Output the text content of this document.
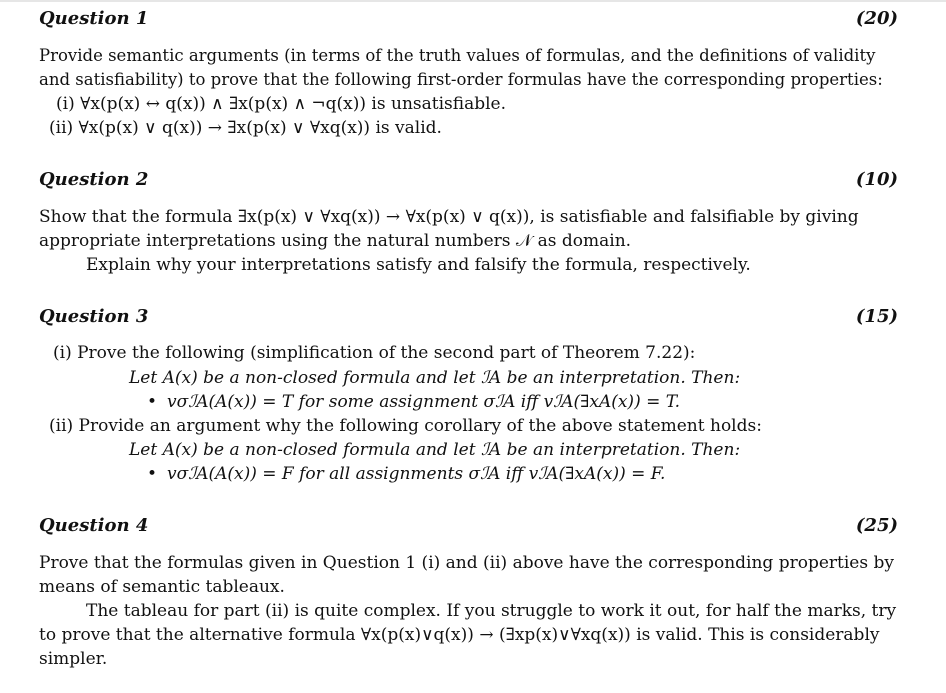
Question 1	(20)
Provide semantic arguments (in terms of the truth values of formulas, and the definitions of validity
and satisfiability) to prove that the following first-order formulas have the corresponding properties:
(i) ∀x(p(x) ↔ q(x)) ∧ ∃x(p(x) ∧ ¬q(x)) is unsatisfiable.
(ii) ∀x(p(x) ∨ q(x)) → ∃x(p(x) ∨ ∀xq(x)) is valid.
Question 2	(10)
Show that the formula ∃x(p(x) ∨ ∀xq(x)) → ∀x(p(x) ∨ q(x)), is satisfiable and falsifiable by giving
appropriate interpretations using the natural numbers 𝒩 as domain.
Explain why your interpretations satisfy and falsify the formula, respectively.
Question 3	(15)
(i) Prove the following (simplification of the second part of Theorem 7.22):
Let A(x) be a non-closed formula and let ℐA be an interpretation. Then:
• vσℐA(A(x)) = T for some assignment σℐA iff vℐA(∃xA(x)) = T.
(ii) Provide an argument why the following corollary of the above statement holds:
Let A(x) be a non-closed formula and let ℐA be an interpretation. Then:
• vσℐA(A(x)) = F for all assignments σℐA iff vℐA(∃xA(x)) = F.
Question 4	(25)
Prove that the formulas given in Question 1 (i) and (ii) above have the corresponding properties by
means of semantic tableaux.
The tableau for part (ii) is quite complex. If you struggle to work it out, for half the marks, try
to prove that the alternative formula ∀x(p(x)∨q(x)) → (∃xp(x)∨∀xq(x)) is valid. This is considerably
simpler.
